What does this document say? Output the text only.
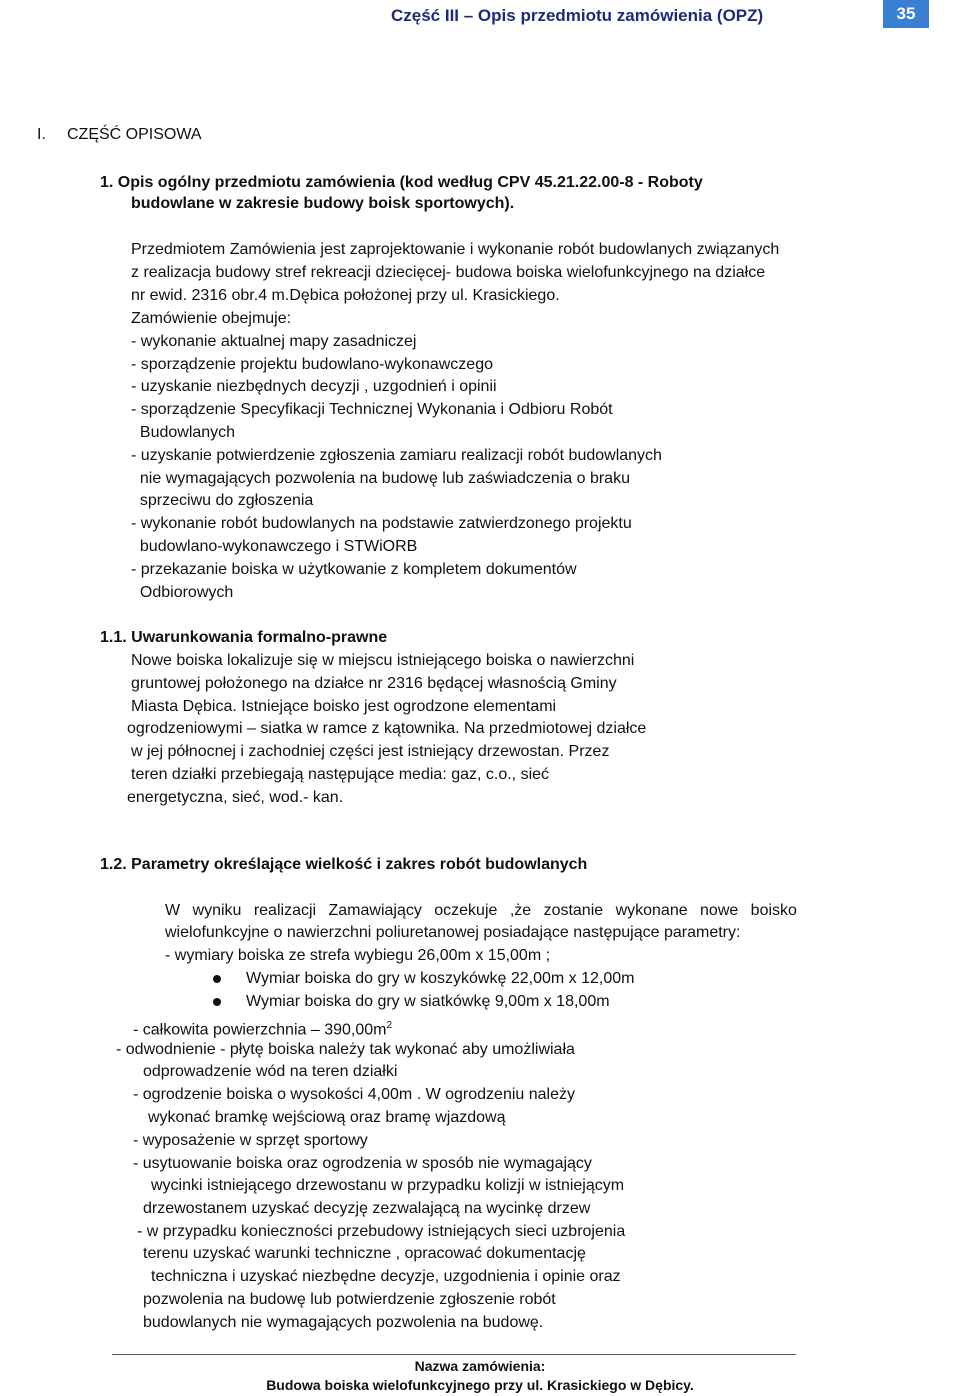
Część III – Opis przedmiotu zamówienia (OPZ)	35
I. CZĘŚĆ OPISOWA
1. Opis ogólny przedmiotu zamówienia (kod według CPV 45.21.22.00-8 - Roboty
budowlane w zakresie budowy boisk sportowych).
Przedmiotem Zamówienia jest zaprojektowanie i wykonanie robót budowlanych związanych
z realizacja budowy stref rekreacji dziecięcej- budowa boiska wielofunkcyjnego na działce
nr ewid. 2316 obr.4 m.Dębica położonej przy ul. Krasickiego.
Zamówienie obejmuje:
- wykonanie aktualnej mapy zasadniczej
- sporządzenie projektu budowlano-wykonawczego
- uzyskanie niezbędnych decyzji , uzgodnień i opinii
- sporządzenie Specyfikacji Technicznej Wykonania i Odbioru Robót
Budowlanych
- uzyskanie potwierdzenie zgłoszenia zamiaru realizacji robót budowlanych
nie wymagających pozwolenia na budowę lub zaświadczenia o braku
sprzeciwu do zgłoszenia
- wykonanie robót budowlanych na podstawie zatwierdzonego projektu
budowlano-wykonawczego i STWiORB
- przekazanie boiska w użytkowanie z kompletem dokumentów
Odbiorowych
1.1. Uwarunkowania formalno-prawne
Nowe boiska lokalizuje się w miejscu istniejącego boiska o nawierzchni
gruntowej położonego na działce nr 2316 będącej własnością Gminy
Miasta Dębica. Istniejące boisko jest ogrodzone elementami
ogrodzeniowymi – siatka w ramce z kątownika. Na przedmiotowej działce
w jej północnej i zachodniej części jest istniejący drzewostan. Przez
teren działki przebiegają następujące media: gaz, c.o., sieć
energetyczna, sieć, wod.- kan.
1.2. Parametry określające wielkość i zakres robót budowlanych
W wyniku realizacji Zamawiający oczekuje ,że zostanie wykonane nowe boisko
wielofunkcyjne o nawierzchni poliuretanowej posiadające następujące parametry:
- wymiary boiska ze strefa wybiegu 26,00m x 15,00m ;
Wymiar boiska do gry w koszykówkę 22,00m x 12,00m
Wymiar boiska do gry w siatkówkę 9,00m x 18,00m
- całkowita powierzchnia – $390,00m^2$
- odwodnienie - płytę boiska należy tak wykonać aby umożliwiała
odprowadzenie wód na teren działki
- ogrodzenie boiska o wysokości 4,00m . W ogrodzeniu należy
wykonać bramkę wejściową oraz bramę wjazdową
- wyposażenie w sprzęt sportowy
- usytuowanie boiska oraz ogrodzenia w sposób nie wymagający
wycinki istniejącego drzewostanu w przypadku kolizji w istniejącym
drzewostanem uzyskać decyzję zezwalającą na wycinkę drzew
- w przypadku konieczności przebudowy istniejących sieci uzbrojenia
terenu uzyskać warunki techniczne , opracować dokumentację
techniczna i uzyskać niezbędne decyzje, uzgodnienia i opinie oraz
pozwolenia na budowę lub potwierdzenie zgłoszenie robót
budowlanych nie wymagających pozwolenia na budowę.
Nazwa zamówienia:
Budowa boiska wielofunkcyjnego przy ul. Krasickiego w Dębicy.
